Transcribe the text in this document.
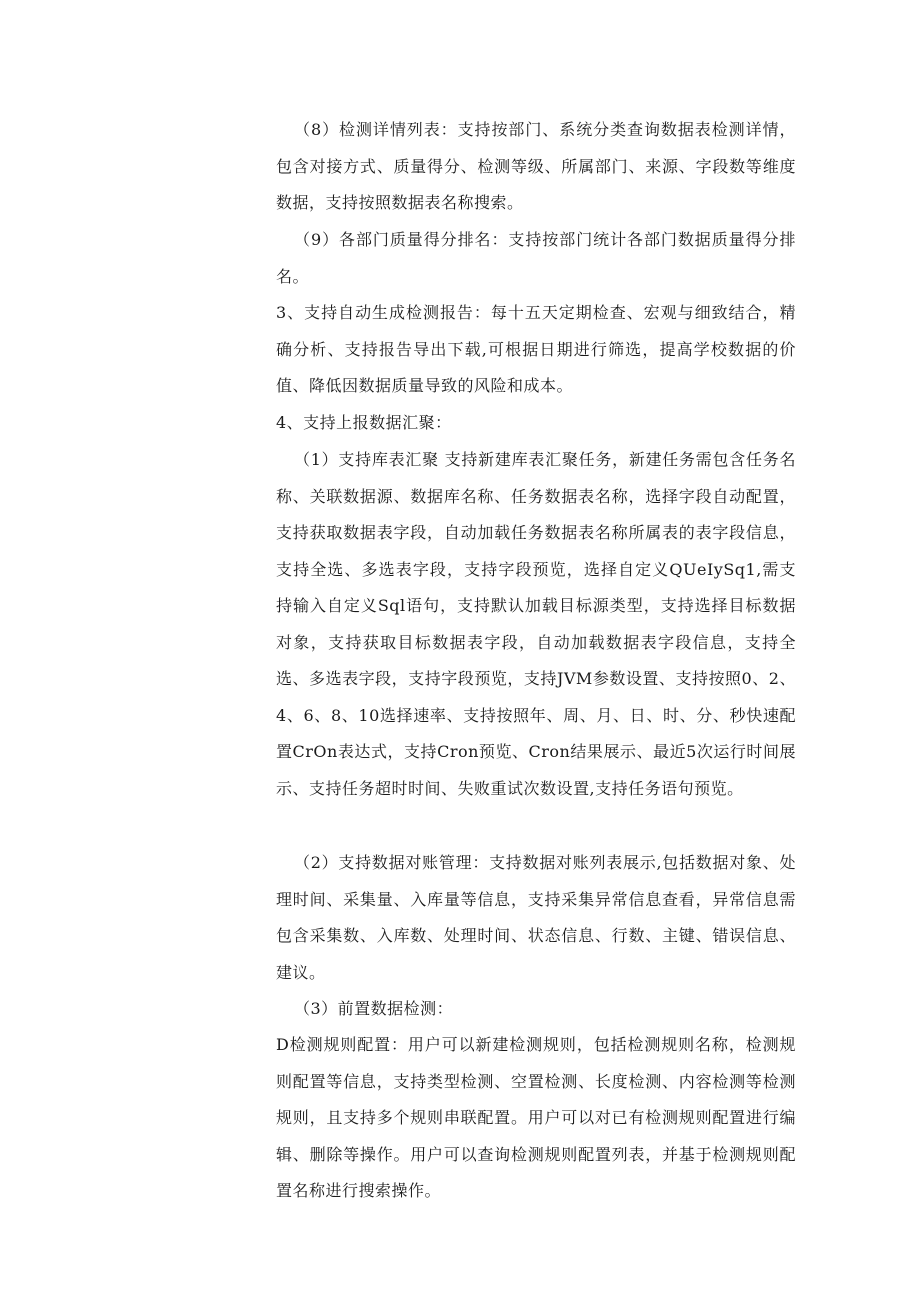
（8）检测详情列表：支持按部门、系统分类查询数据表检测详情，包含对接方式、质量得分、检测等级、所属部门、来源、字段数等维度数据，支持按照数据表名称搜索。

（9）各部门质量得分排名：支持按部门统计各部门数据质量得分排名。

3、支持自动生成检测报告：每十五天定期检查、宏观与细致结合，精确分析、支持报告导出下载,可根据日期进行筛选，提高学校数据的价值、降低因数据质量导致的风险和成本。

4、支持上报数据汇聚：

（1）支持库表汇聚 支持新建库表汇聚任务，新建任务需包含任务名称、关联数据源、数据库名称、任务数据表名称，选择字段自动配置，支持获取数据表字段，自动加载任务数据表名称所属表的表字段信息，支持全选、多选表字段，支持字段预览，选择自定义QUeIySq1,需支持输入自定义Sql语句，支持默认加载目标源类型，支持选择目标数据对象，支持获取目标数据表字段，自动加载数据表字段信息，支持全选、多选表字段，支持字段预览，支持JVM参数设置、支持按照0、2、4、6、8、10选择速率、支持按照年、周、月、日、时、分、秒快速配置CrOn表达式，支持Cron预览、Cron结果展示、最近5次运行时间展示、支持任务超时时间、失败重试次数设置,支持任务语句预览。

（2）支持数据对账管理：支持数据对账列表展示,包括数据对象、处理时间、采集量、入库量等信息，支持采集异常信息查看，异常信息需包含采集数、入库数、处理时间、状态信息、行数、主键、错误信息、建议。

（3）前置数据检测：

D检测规则配置：用户可以新建检测规则，包括检测规则名称，检测规则配置等信息，支持类型检测、空置检测、长度检测、内容检测等检测规则，且支持多个规则串联配置。用户可以对已有检测规则配置进行编辑、删除等操作。用户可以查询检测规则配置列表，并基于检测规则配置名称进行搜索操作。
